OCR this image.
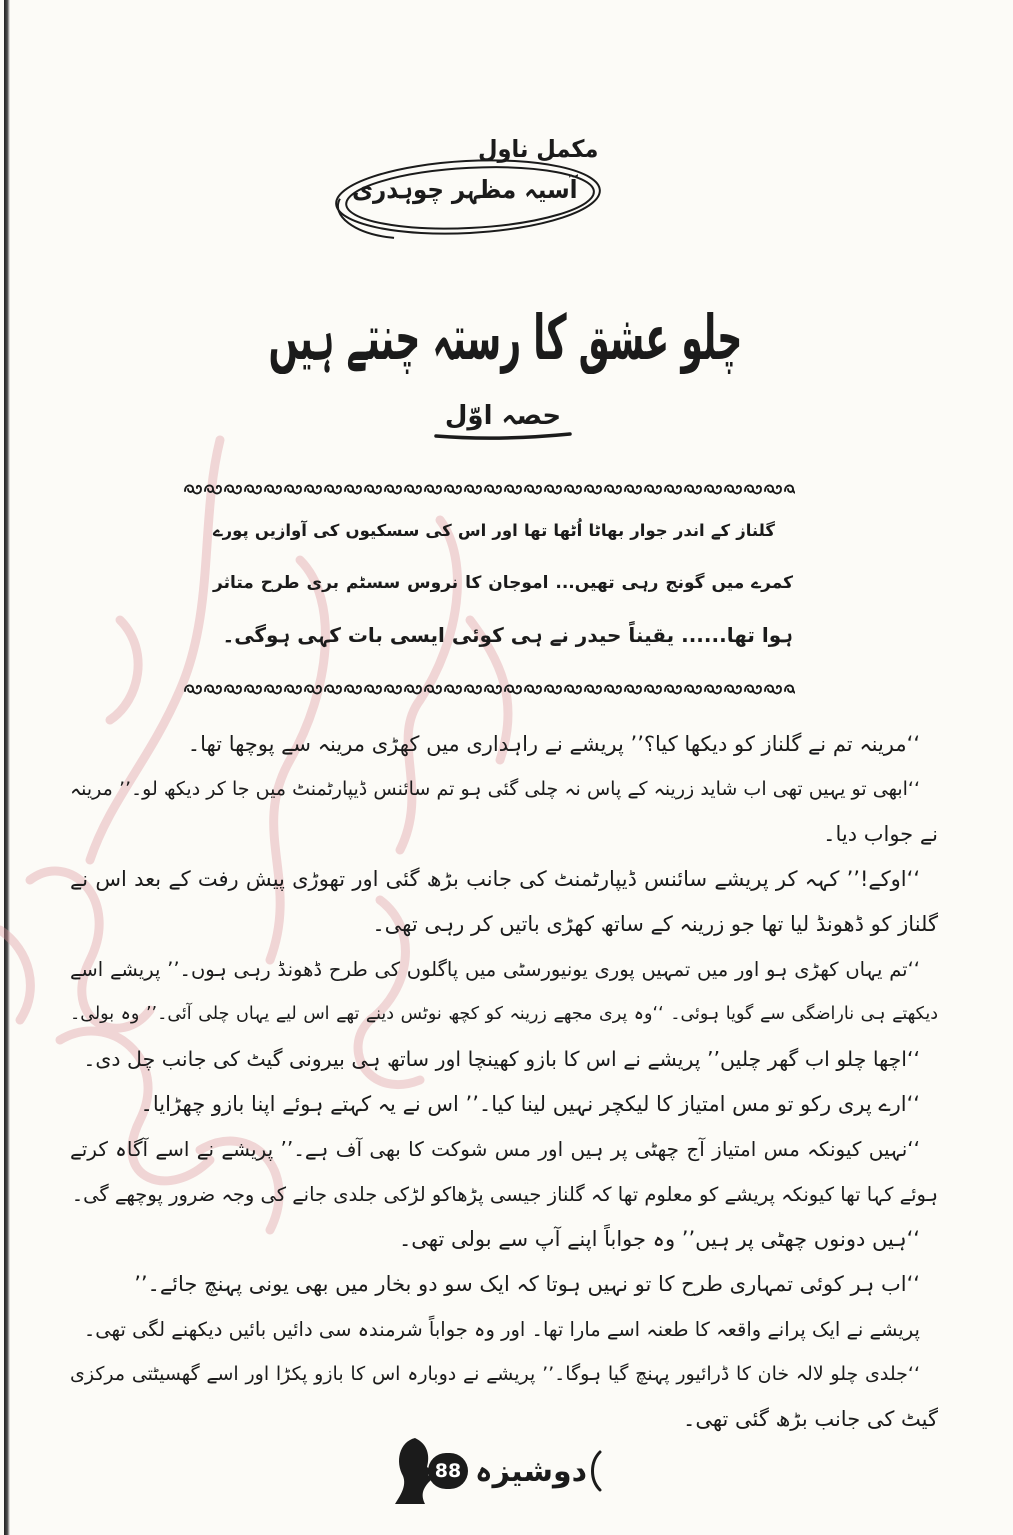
مکمل ناول
آسیہ مظہر چوہدری
چلو عشق کا رستہ چنتے ہیں
حصہ اوّل
گلناز کے اندر جوار بھاٹا اُٹھا تھا اور اس کی سسکیوں کی آوازیں پورے
کمرے میں گونج رہی تھیں... اموجان کا نروس سسٹم بری طرح متاثر
ہوا تھا...... یقیناً حیدر نے ہی کوئی ایسی بات کہی ہوگی۔
‘‘مرینہ تم نے گلناز کو دیکھا کیا؟’’ پریشے نے راہداری میں کھڑی مرینہ سے پوچھا تھا۔
‘‘ابھی تو یہیں تھی اب شاید زرینہ کے پاس نہ چلی گئی ہو تم سائنس ڈیپارٹمنٹ میں جا کر دیکھ لو۔’’ مرینہ
نے جواب دیا۔
‘‘اوکے!’’ کہہ کر پریشے سائنس ڈیپارٹمنٹ کی جانب بڑھ گئی اور تھوڑی پیش رفت کے بعد اس نے
گلناز کو ڈھونڈ لیا تھا جو زرینہ کے ساتھ کھڑی باتیں کر رہی تھی۔
‘‘تم یہاں کھڑی ہو اور میں تمہیں پوری یونیورسٹی میں پاگلوں کی طرح ڈھونڈ رہی ہوں۔’’ پریشے اسے
دیکھتے ہی ناراضگی سے گویا ہوئی۔ ‘‘وہ پری مجھے زرینہ کو کچھ نوٹس دینے تھے اس لیے یہاں چلی آئی۔’’ وہ بولی۔
‘‘اچھا چلو اب گھر چلیں’’ پریشے نے اس کا بازو کھینچا اور ساتھ ہی بیرونی گیٹ کی جانب چل دی۔
‘‘ارے پری رکو تو مس امتیاز کا لیکچر نہیں لینا کیا۔’’ اس نے یہ کہتے ہوئے اپنا بازو چھڑایا۔
‘‘نہیں کیونکہ مس امتیاز آج چھٹی پر ہیں اور مس شوکت کا بھی آف ہے۔’’ پریشے نے اسے آگاہ کرتے
ہوئے کہا تھا کیونکہ پریشے کو معلوم تھا کہ گلناز جیسی پڑھاکو لڑکی جلدی جانے کی وجہ ضرور پوچھے گی۔
‘‘ہیں دونوں چھٹی پر ہیں’’ وہ جواباً اپنے آپ سے بولی تھی۔
‘‘اب ہر کوئی تمہاری طرح کا تو نہیں ہوتا کہ ایک سو دو بخار میں بھی یونی پہنچ جائے۔’’
پریشے نے ایک پرانے واقعہ کا طعنہ اسے مارا تھا۔ اور وہ جواباً شرمندہ سی دائیں بائیں دیکھنے لگی تھی۔
‘‘جلدی چلو لالہ خان کا ڈرائیور پہنچ گیا ہوگا۔’’ پریشے نے دوبارہ اس کا بازو پکڑا اور اسے گھسیٹتی مرکزی
گیٹ کی جانب بڑھ گئی تھی۔
88 دوشیزہ
